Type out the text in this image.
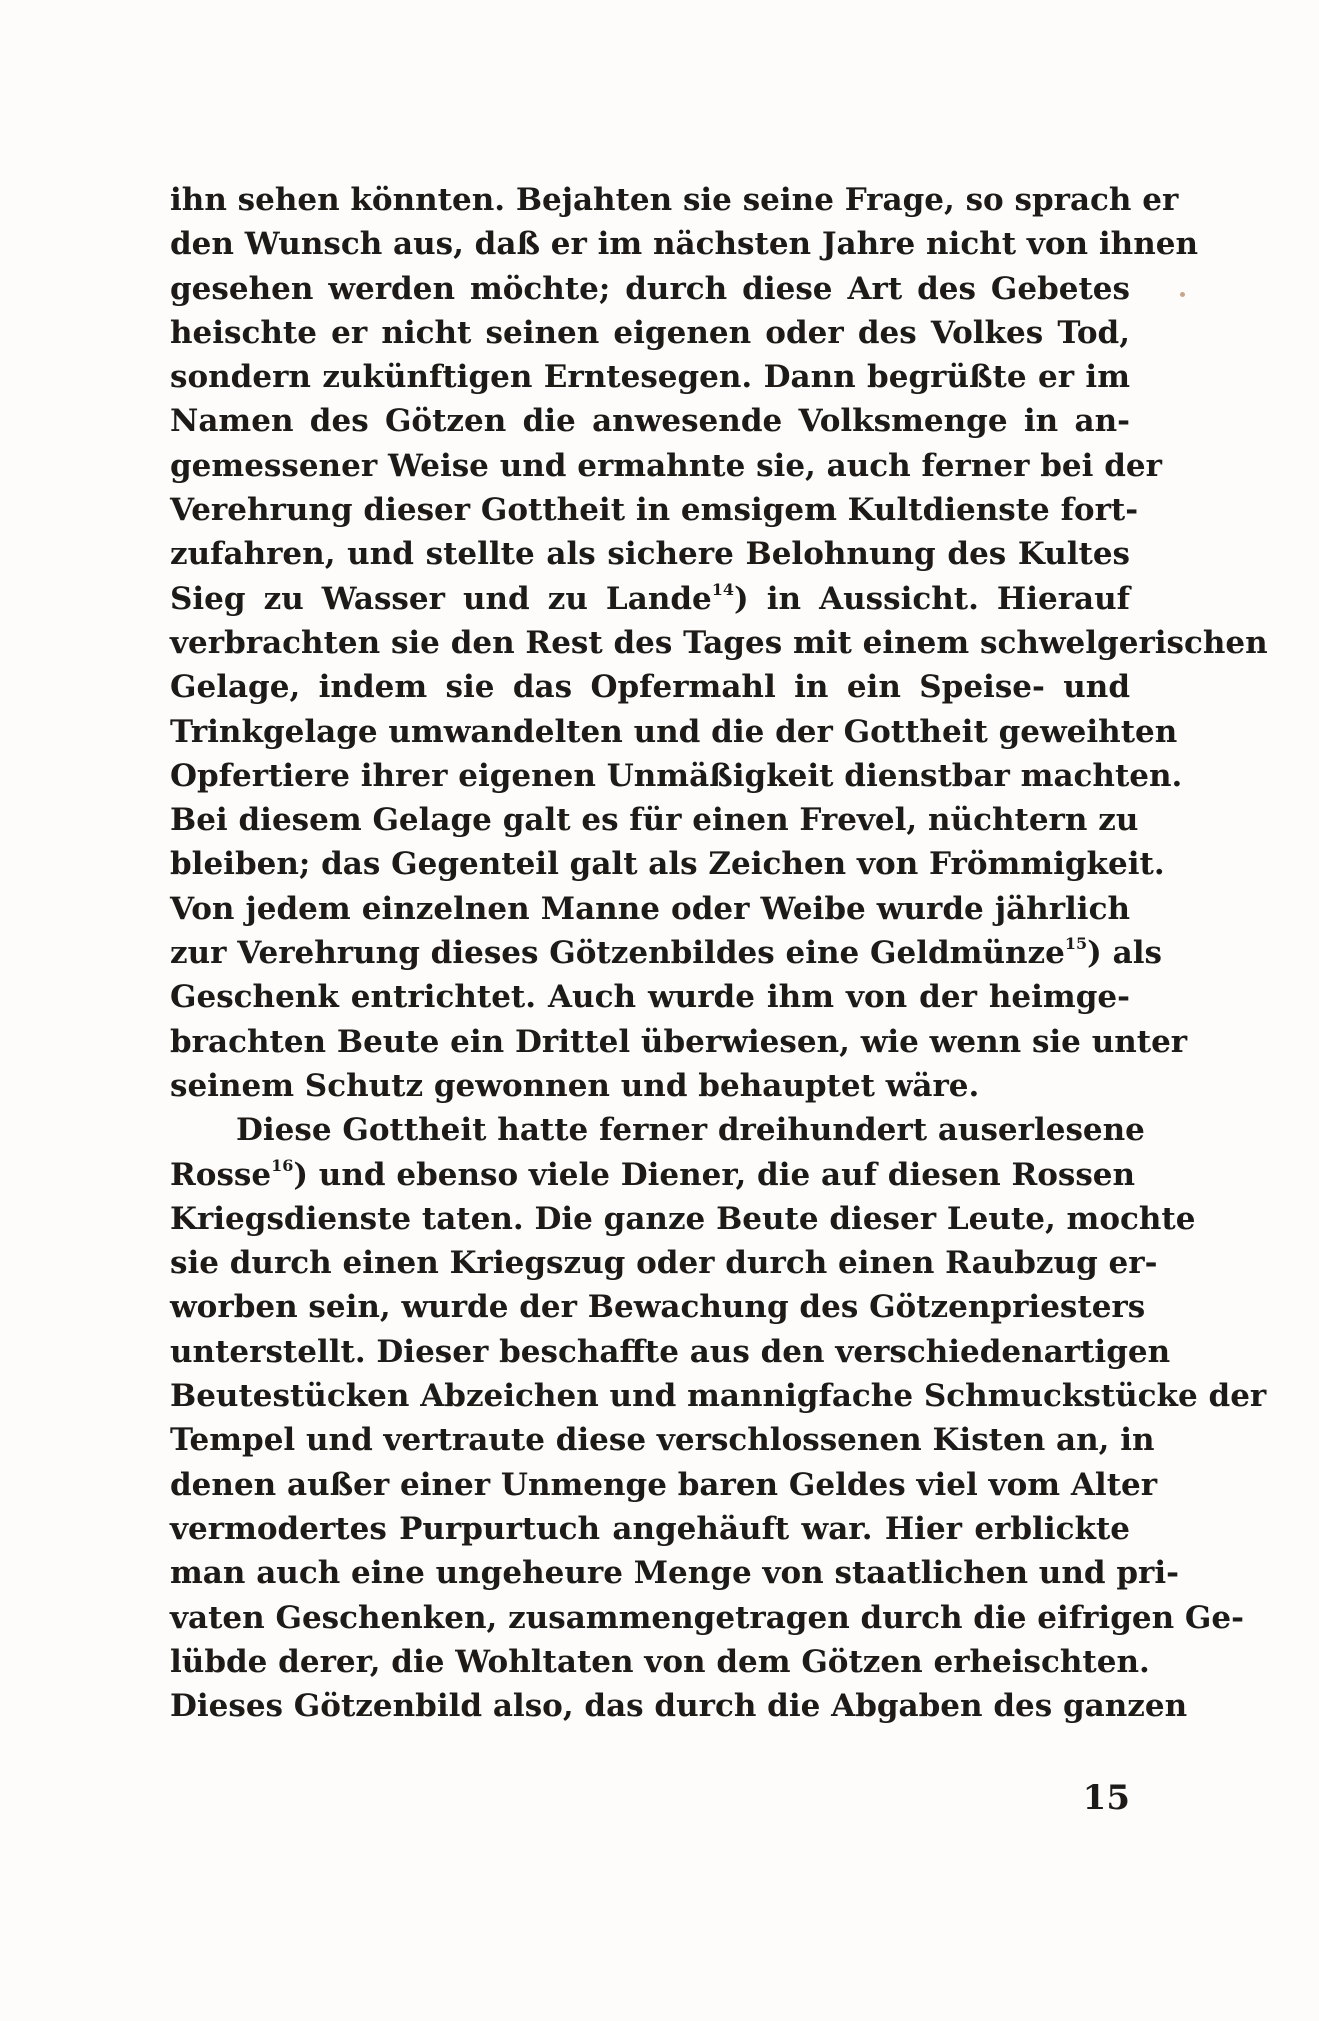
ihn sehen könnten. Bejahten sie seine Frage, so sprach er
den Wunsch aus, daß er im nächsten Jahre nicht von ihnen
gesehen werden möchte; durch diese Art des Gebetes
heischte er nicht seinen eigenen oder des Volkes Tod,
sondern zukünftigen Erntesegen. Dann begrüßte er im
Namen des Götzen die anwesende Volksmenge in an-
gemessener Weise und ermahnte sie, auch ferner bei der
Verehrung dieser Gottheit in emsigem Kultdienste fort-
zufahren, und stellte als sichere Belohnung des Kultes
Sieg zu Wasser und zu Lande$^{14}$) in Aussicht. Hierauf
verbrachten sie den Rest des Tages mit einem schwelgerischen
Gelage, indem sie das Opfermahl in ein Speise- und
Trinkgelage umwandelten und die der Gottheit geweihten
Opfertiere ihrer eigenen Unmäßigkeit dienstbar machten.
Bei diesem Gelage galt es für einen Frevel, nüchtern zu
bleiben; das Gegenteil galt als Zeichen von Frömmigkeit.
Von jedem einzelnen Manne oder Weibe wurde jährlich
zur Verehrung dieses Götzenbildes eine Geldmünze$^{15}$) als
Geschenk entrichtet. Auch wurde ihm von der heimge-
brachten Beute ein Drittel überwiesen, wie wenn sie unter
seinem Schutz gewonnen und behauptet wäre.
Diese Gottheit hatte ferner dreihundert auserlesene
Rosse$^{16}$) und ebenso viele Diener, die auf diesen Rossen
Kriegsdienste taten. Die ganze Beute dieser Leute, mochte
sie durch einen Kriegszug oder durch einen Raubzug er-
worben sein, wurde der Bewachung des Götzenpriesters
unterstellt. Dieser beschaffte aus den verschiedenartigen
Beutestücken Abzeichen und mannigfache Schmuckstücke der
Tempel und vertraute diese verschlossenen Kisten an, in
denen außer einer Unmenge baren Geldes viel vom Alter
vermodertes Purpurtuch angehäuft war. Hier erblickte
man auch eine ungeheure Menge von staatlichen und pri-
vaten Geschenken, zusammengetragen durch die eifrigen Ge-
lübde derer, die Wohltaten von dem Götzen erheischten.
Dieses Götzenbild also, das durch die Abgaben des ganzen
15
